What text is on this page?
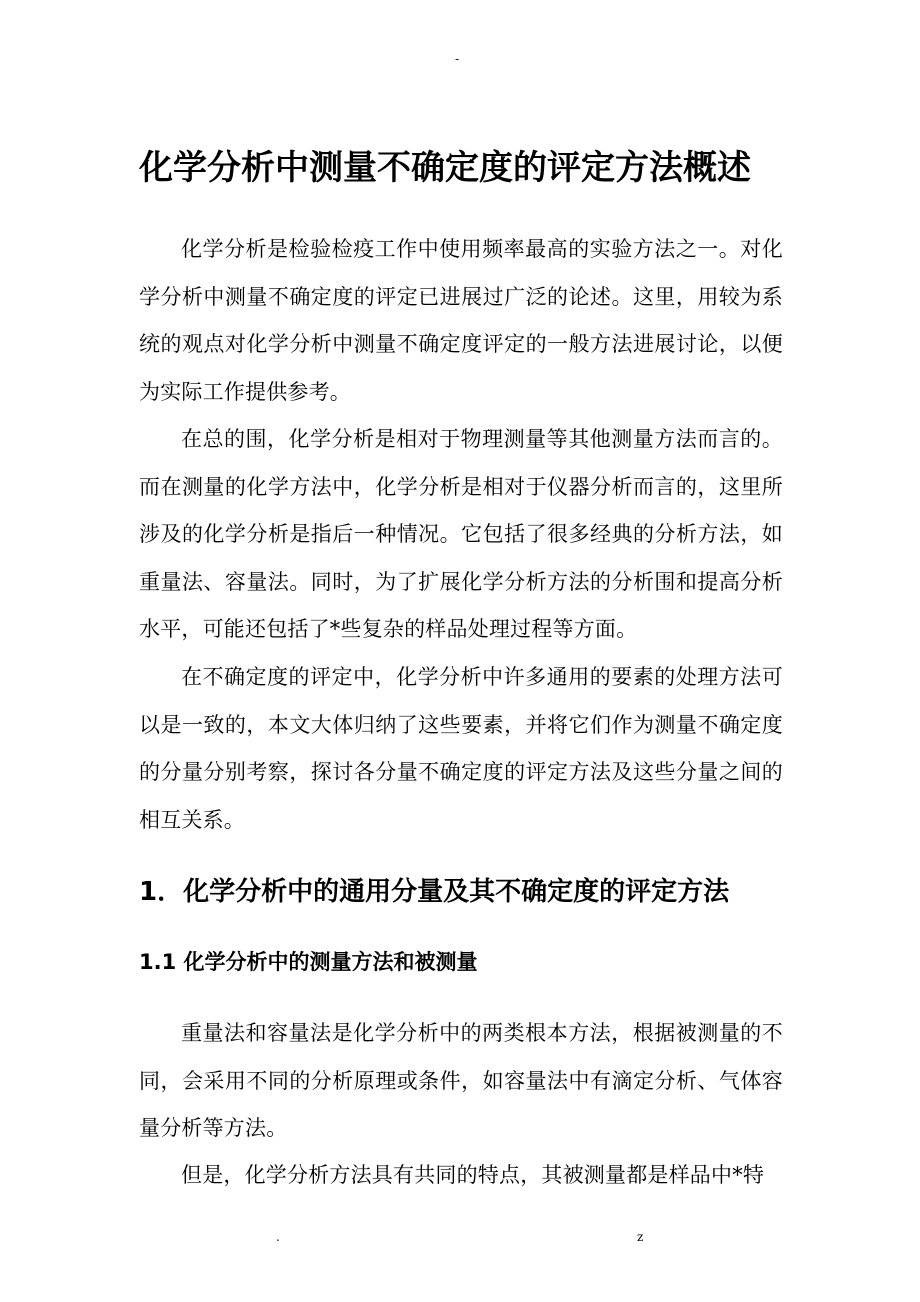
-
化学分析中测量不确定度的评定方法概述

化学分析是检验检疫工作中使用频率最高的实验方法之一。对化学分析中测量不确定度的评定已进展过广泛的论述。这里，用较为系统的观点对化学分析中测量不确定度评定的一般方法进展讨论，以便为实际工作提供参考。

在总的围，化学分析是相对于物理测量等其他测量方法而言的。而在测量的化学方法中，化学分析是相对于仪器分析而言的，这里所涉及的化学分析是指后一种情况。它包括了很多经典的分析方法，如重量法、容量法。同时，为了扩展化学分析方法的分析围和提高分析水平，可能还包括了*些复杂的样品处理过程等方面。

在不确定度的评定中，化学分析中许多通用的要素的处理方法可以是一致的，本文大体归纳了这些要素，并将它们作为测量不确定度的分量分别考察，探讨各分量不确定度的评定方法及这些分量之间的相互关系。

1．化学分析中的通用分量及其不确定度的评定方法
1.1 化学分析中的测量方法和被测量

重量法和容量法是化学分析中的两类根本方法，根据被测量的不同，会采用不同的分析原理或条件，如容量法中有滴定分析、气体容量分析等方法。

但是，化学分析方法具有共同的特点，其被测量都是样品中*特

.	z
